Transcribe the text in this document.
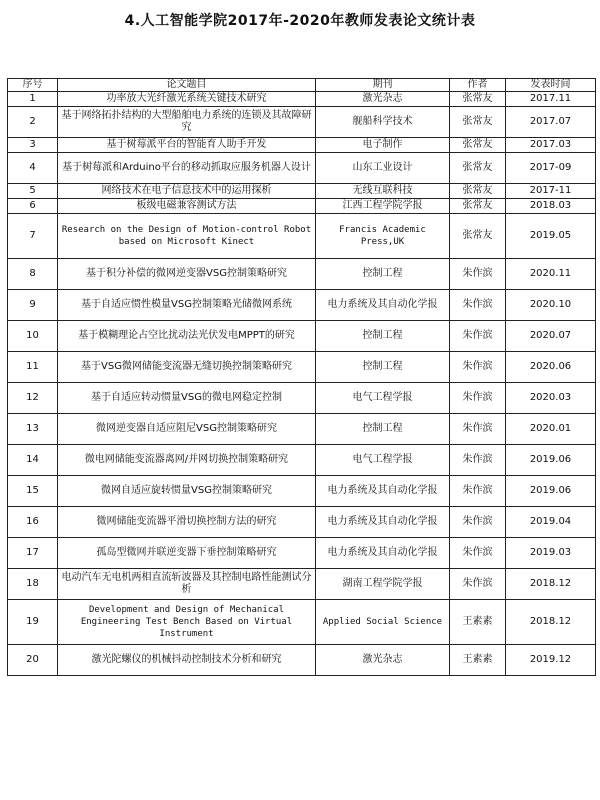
4.人工智能学院2017年-2020年教师发表论文统计表
序号	论文题目	期刊	作者	发表时间
1	功率放大光纤激光系统关键技术研究	激光杂志	张常友	2017.11
2	基于网络拓扑结构的大型船舶电力系统的连锁及其故障研究	舰船科学技术	张常友	2017.07
3	基于树莓派平台的智能育人助手开发	电子制作	张常友	2017.03
4	基于树莓派和Arduino平台的移动抓取应服务机器人设计	山东工业设计	张常友	2017-09
5	网络技术在电子信息技术中的运用探析	无线互联科技	张常友	2017-11
6	板级电磁兼容测试方法	江西工程学院学报	张常友	2018.03
7	Research on the Design of Motion-control Robot based on Microsoft Kinect	Francis Academic Press,UK	张常友	2019.05
8	基于积分补偿的微网逆变器VSG控制策略研究	控制工程	朱作滨	2020.11
9	基于自适应惯性模量VSG控制策略光储微网系统	电力系统及其自动化学报	朱作滨	2020.10
10	基于模糊理论占空比扰动法光伏发电MPPT的研究	控制工程	朱作滨	2020.07
11	基于VSG微网储能变流器无缝切换控制策略研究	控制工程	朱作滨	2020.06
12	基于自适应转动惯量VSG的微电网稳定控制	电气工程学报	朱作滨	2020.03
13	微网逆变器自适应阻尼VSG控制策略研究	控制工程	朱作滨	2020.01
14	微电网储能变流器离网/并网切换控制策略研究	电气工程学报	朱作滨	2019.06
15	微网自适应旋转惯量VSG控制策略研究	电力系统及其自动化学报	朱作滨	2019.06
16	微网储能变流器平滑切换控制方法的研究	电力系统及其自动化学报	朱作滨	2019.04
17	孤岛型微网并联逆变器下垂控制策略研究	电力系统及其自动化学报	朱作滨	2019.03
18	电动汽车无电机两相直流斩波器及其控制电路性能测试分析	湖南工程学院学报	朱作滨	2018.12
19	Development and Design of Mechanical Engineering Test Bench Based on Virtual Instrument	Applied Social Science	王素素	2018.12
20	激光陀螺仪的机械抖动控制技术分析和研究	激光杂志	王素素	2019.12
